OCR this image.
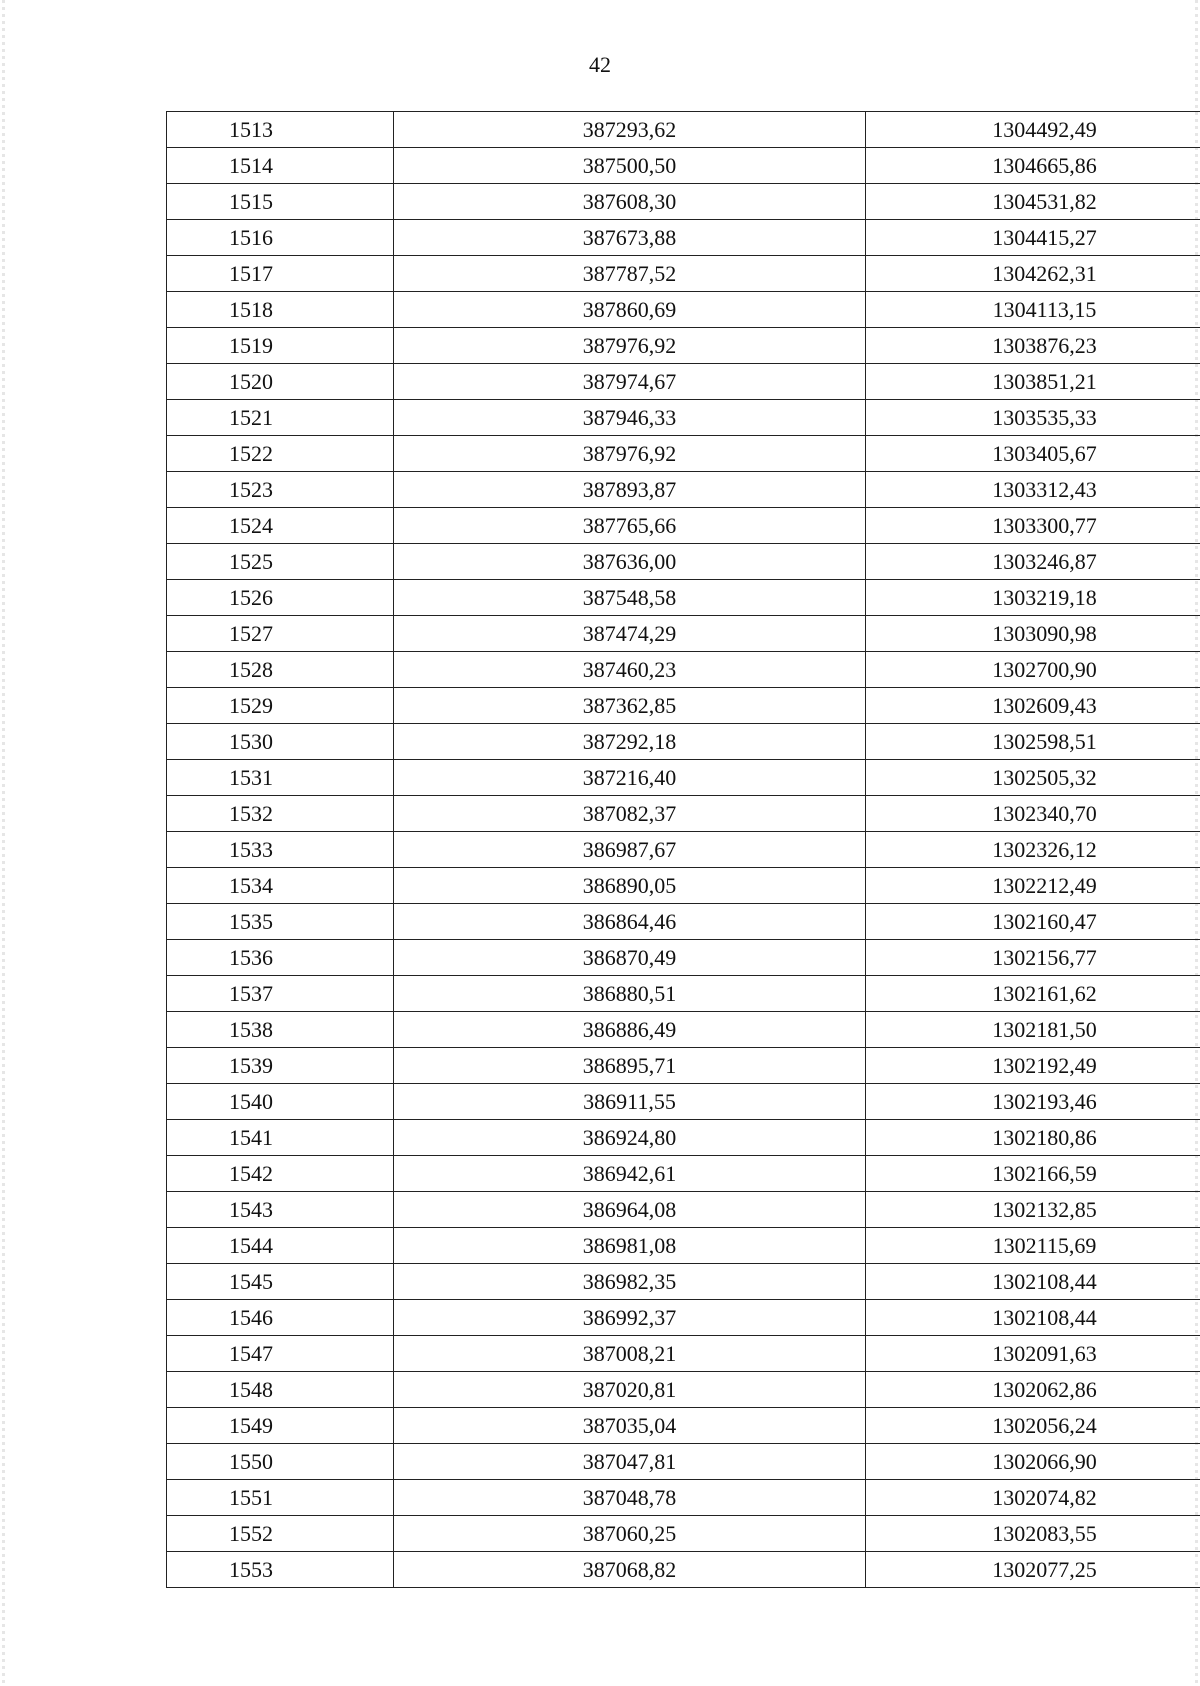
42
1513	387293,62	1304492,49
1514	387500,50	1304665,86
1515	387608,30	1304531,82
1516	387673,88	1304415,27
1517	387787,52	1304262,31
1518	387860,69	1304113,15
1519	387976,92	1303876,23
1520	387974,67	1303851,21
1521	387946,33	1303535,33
1522	387976,92	1303405,67
1523	387893,87	1303312,43
1524	387765,66	1303300,77
1525	387636,00	1303246,87
1526	387548,58	1303219,18
1527	387474,29	1303090,98
1528	387460,23	1302700,90
1529	387362,85	1302609,43
1530	387292,18	1302598,51
1531	387216,40	1302505,32
1532	387082,37	1302340,70
1533	386987,67	1302326,12
1534	386890,05	1302212,49
1535	386864,46	1302160,47
1536	386870,49	1302156,77
1537	386880,51	1302161,62
1538	386886,49	1302181,50
1539	386895,71	1302192,49
1540	386911,55	1302193,46
1541	386924,80	1302180,86
1542	386942,61	1302166,59
1543	386964,08	1302132,85
1544	386981,08	1302115,69
1545	386982,35	1302108,44
1546	386992,37	1302108,44
1547	387008,21	1302091,63
1548	387020,81	1302062,86
1549	387035,04	1302056,24
1550	387047,81	1302066,90
1551	387048,78	1302074,82
1552	387060,25	1302083,55
1553	387068,82	1302077,25
